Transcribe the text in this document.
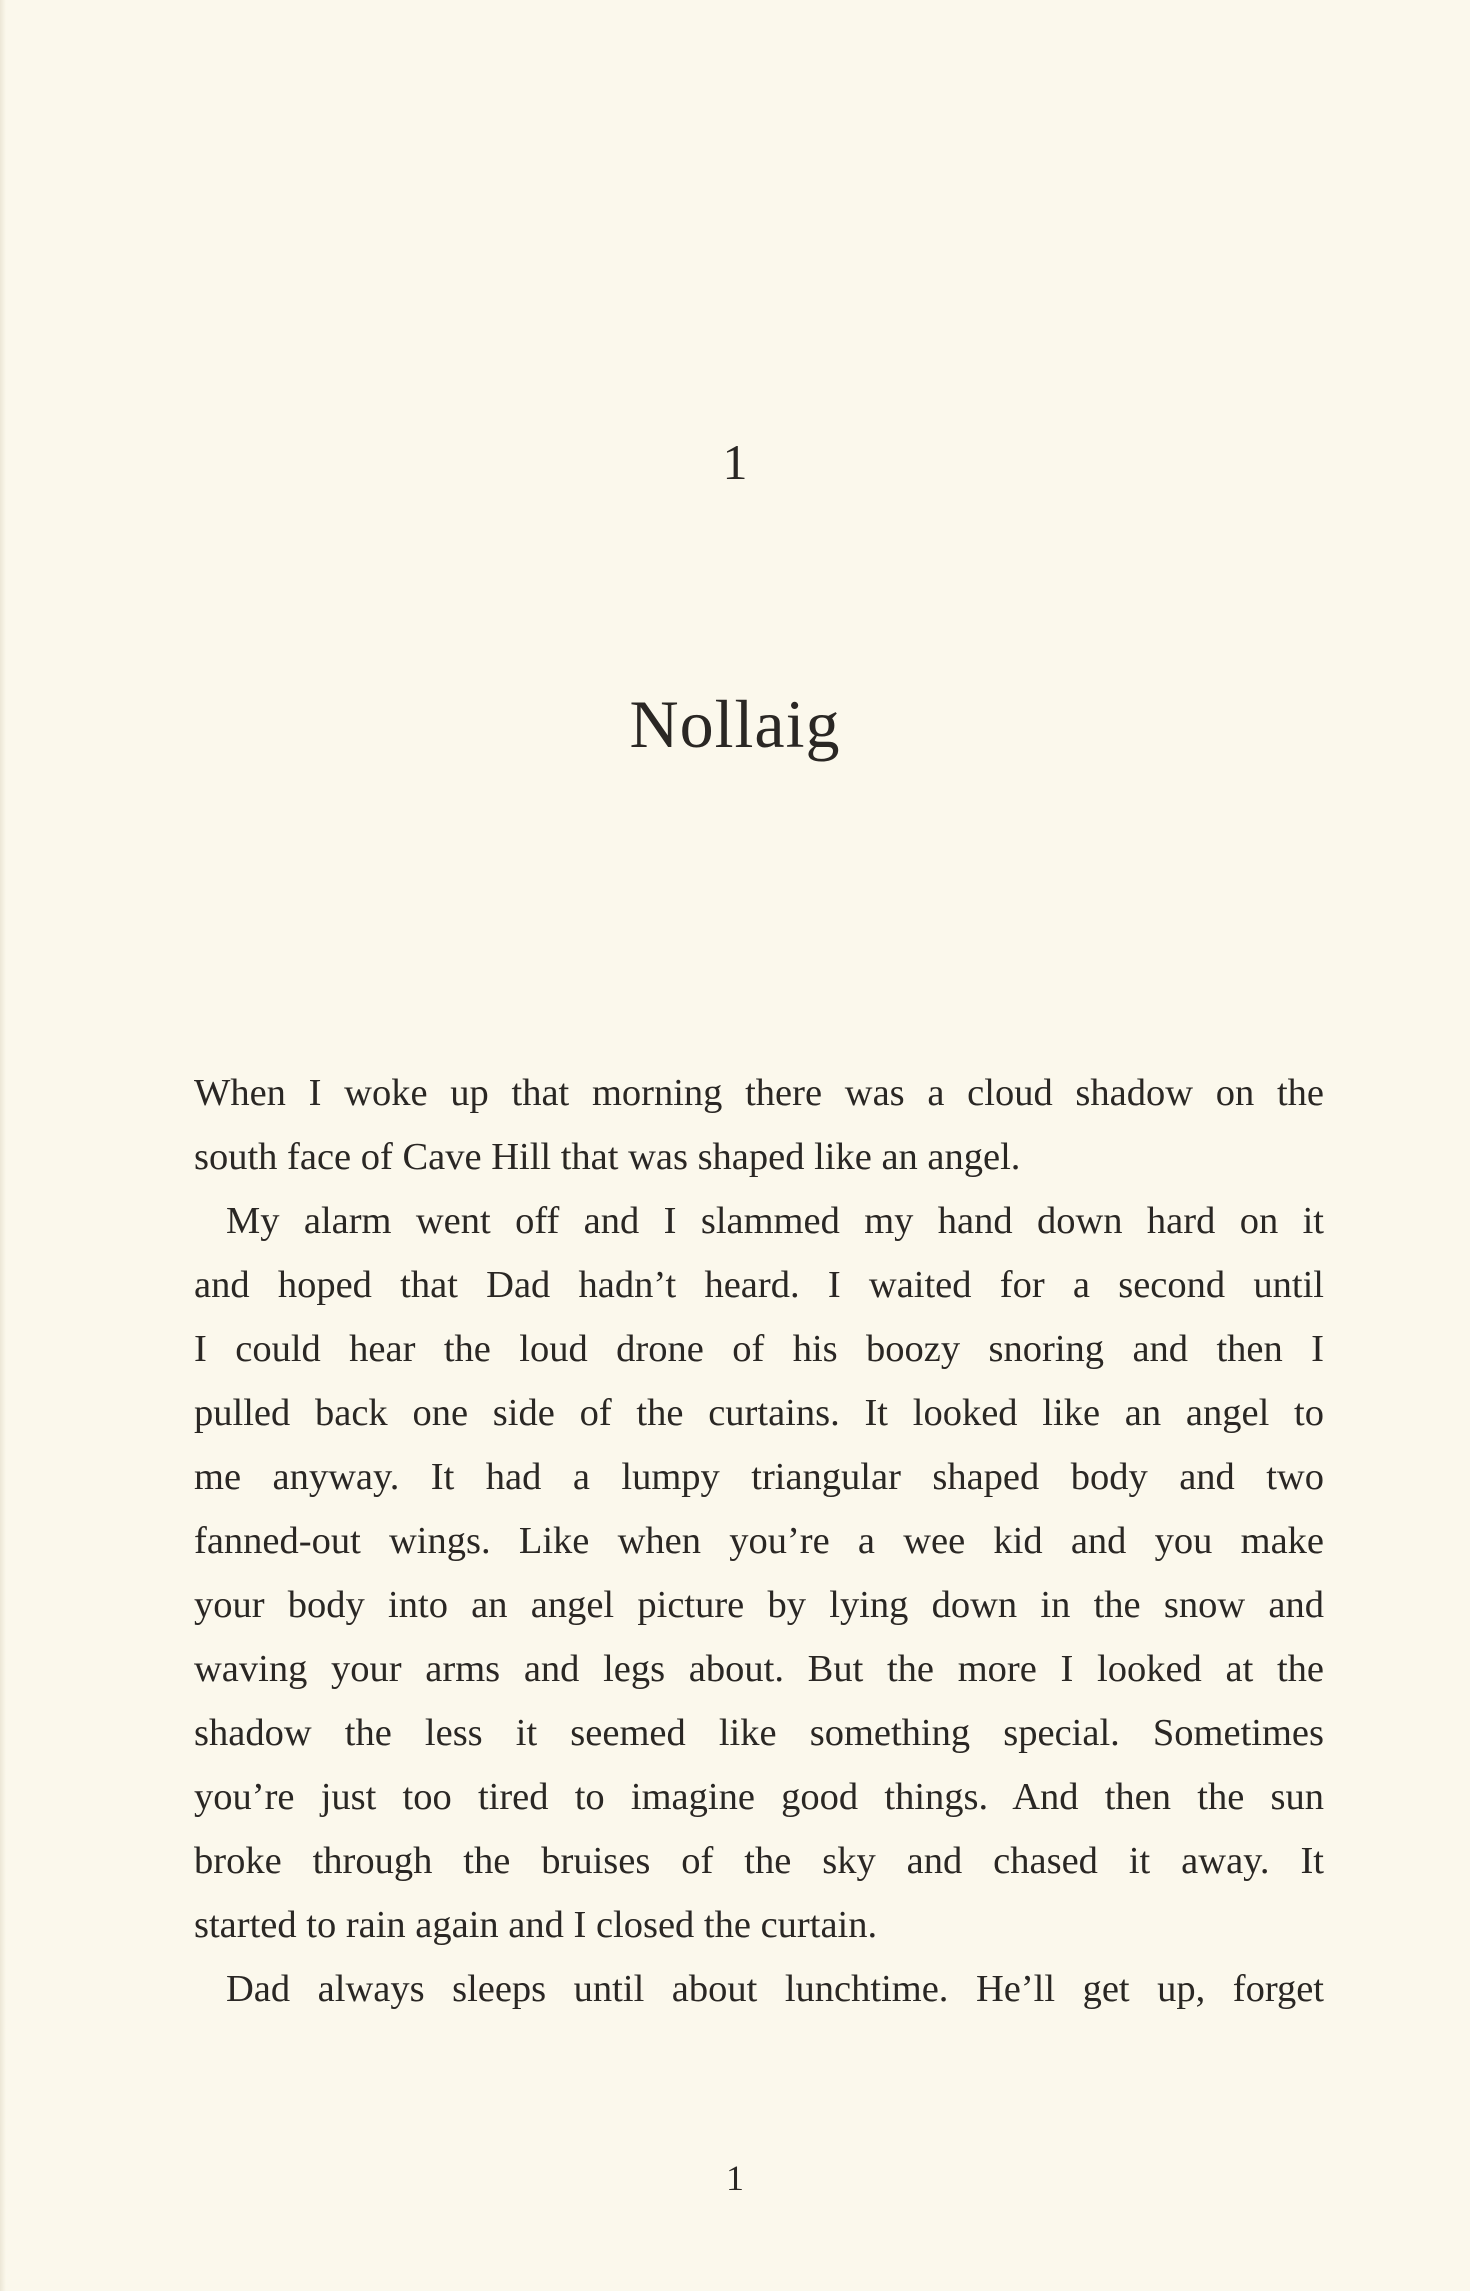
1
Nollaig
When I woke up that morning there was a cloud shadow on the
south face of Cave Hill that was shaped like an angel.
My alarm went off and I slammed my hand down hard on it
and hoped that Dad hadn’t heard. I waited for a second until
I could hear the loud drone of his boozy snoring and then I
pulled back one side of the curtains. It looked like an angel to
me anyway. It had a lumpy triangular shaped body and two
fanned-out wings. Like when you’re a wee kid and you make
your body into an angel picture by lying down in the snow and
waving your arms and legs about. But the more I looked at the
shadow the less it seemed like something special. Sometimes
you’re just too tired to imagine good things. And then the sun
broke through the bruises of the sky and chased it away. It
started to rain again and I closed the curtain.
Dad always sleeps until about lunchtime. He’ll get up, forget
1
